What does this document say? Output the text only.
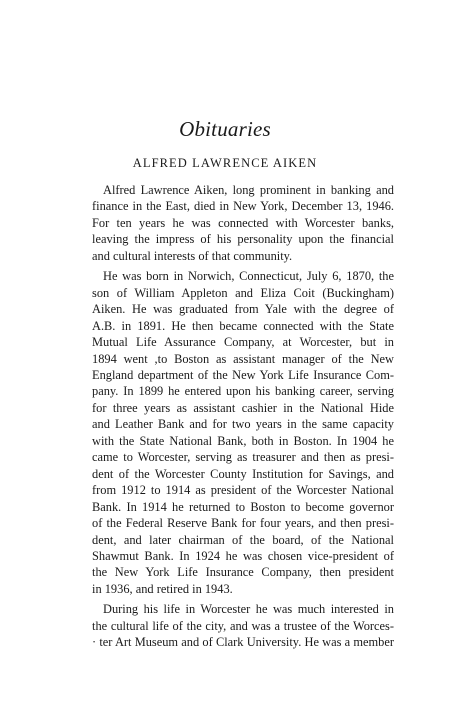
Obituaries
ALFRED LAWRENCE AIKEN
Alfred Lawrence Aiken, long prominent in banking and
finance in the East, died in New York, December 13, 1946.
For ten years he was connected with Worcester banks,
leaving the impress of his personality upon the financial
and cultural interests of that community.
He was born in Norwich, Connecticut, July 6, 1870, the
son of William Appleton and Eliza Coit (Buckingham)
Aiken. He was graduated from Yale with the degree of
A.B. in 1891. He then became connected with the State
Mutual Life Assurance Company, at Worcester, but in
1894 went ,to Boston as assistant manager of the New
England department of the New York Life Insurance Com-
pany. In 1899 he entered upon his banking career, serving
for three years as assistant cashier in the National Hide
and Leather Bank and for two years in the same capacity
with the State National Bank, both in Boston. In 1904 he
came to Worcester, serving as treasurer and then as presi-
dent of the Worcester County Institution for Savings, and
from 1912 to 1914 as president of the Worcester National
Bank. In 1914 he returned to Boston to become governor
of the Federal Reserve Bank for four years, and then presi-
dent, and later chairman of the board, of the National
Shawmut Bank. In 1924 he was chosen vice-president of
the New York Life Insurance Company, then president
in 1936, and retired in 1943.
During his life in Worcester he was much interested in
the cultural life of the city, and was a trustee of the Worces-
· ter Art Museum and of Clark University. He was a member
